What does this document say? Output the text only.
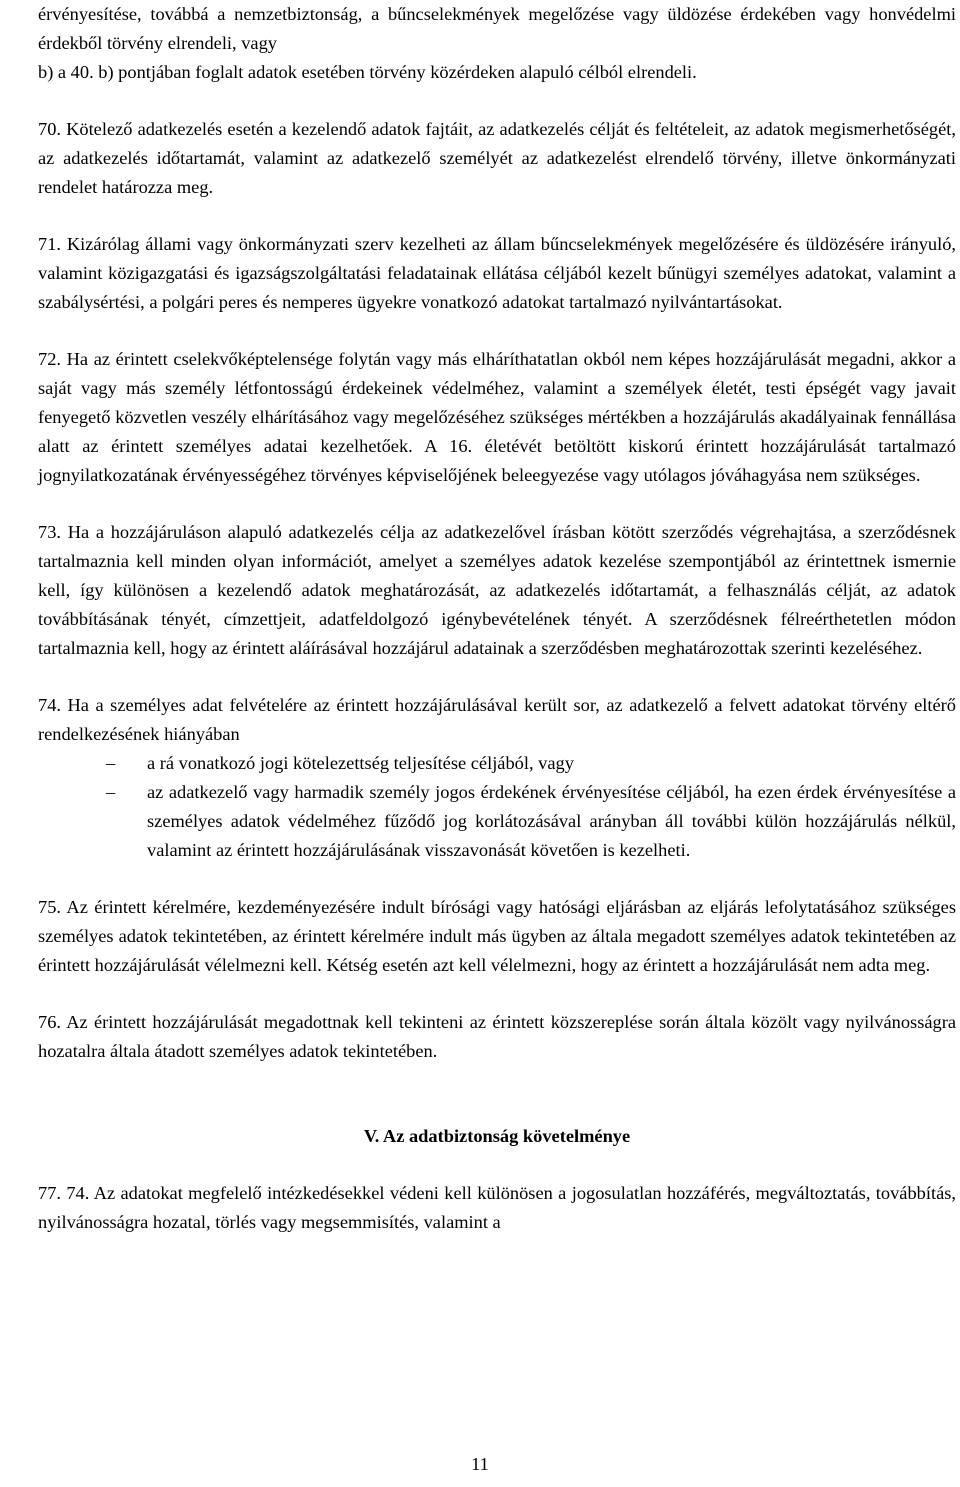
érvényesítése, továbbá a nemzetbiztonság, a bűncselekmények megelőzése vagy üldözése érdekében vagy honvédelmi érdekből törvény elrendeli, vagy

b) a 40. b) pontjában foglalt adatok esetében törvény közérdeken alapuló célból elrendeli.

70. Kötelező adatkezelés esetén a kezelendő adatok fajtáit, az adatkezelés célját és feltételeit, az adatok megismerhetőségét, az adatkezelés időtartamát, valamint az adatkezelő személyét az adatkezelést elrendelő törvény, illetve önkormányzati rendelet határozza meg.

71. Kizárólag állami vagy önkormányzati szerv kezelheti az állam bűncselekmények megelőzésére és üldözésére irányuló, valamint közigazgatási és igazságszolgáltatási feladatainak ellátása céljából kezelt bűnügyi személyes adatokat, valamint a szabálysértési, a polgári peres és nemperes ügyekre vonatkozó adatokat tartalmazó nyilvántartásokat.

72. Ha az érintett cselekvőképtelensége folytán vagy más elháríthatatlan okból nem képes hozzájárulását megadni, akkor a saját vagy más személy létfontosságú érdekeinek védelméhez, valamint a személyek életét, testi épségét vagy javait fenyegető közvetlen veszély elhárításához vagy megelőzéséhez szükséges mértékben a hozzájárulás akadályainak fennállása alatt az érintett személyes adatai kezelhetőek. A 16. életévét betöltött kiskorú érintett hozzájárulását tartalmazó jognyilatkozatának érvényességéhez törvényes képviselőjének beleegyezése vagy utólagos jóváhagyása nem szükséges.

73. Ha a hozzájáruláson alapuló adatkezelés célja az adatkezelővel írásban kötött szerződés végrehajtása, a szerződésnek tartalmaznia kell minden olyan információt, amelyet a személyes adatok kezelése szempontjából az érintettnek ismernie kell, így különösen a kezelendő adatok meghatározását, az adatkezelés időtartamát, a felhasználás célját, az adatok továbbításának tényét, címzettjeit, adatfeldolgozó igénybevételének tényét. A szerződésnek félreérthetetlen módon tartalmaznia kell, hogy az érintett aláírásával hozzájárul adatainak a szerződésben meghatározottak szerinti kezeléséhez.

74. Ha a személyes adat felvételére az érintett hozzájárulásával került sor, az adatkezelő a felvett adatokat törvény eltérő rendelkezésének hiányában

– a rá vonatkozó jogi kötelezettség teljesítése céljából, vagy
– az adatkezelő vagy harmadik személy jogos érdekének érvényesítése céljából, ha ezen érdek érvényesítése a személyes adatok védelméhez fűződő jog korlátozásával arányban áll további külön hozzájárulás nélkül, valamint az érintett hozzájárulásának visszavonását követően is kezelheti.

75. Az érintett kérelmére, kezdeményezésére indult bírósági vagy hatósági eljárásban az eljárás lefolytatásához szükséges személyes adatok tekintetében, az érintett kérelmére indult más ügyben az általa megadott személyes adatok tekintetében az érintett hozzájárulását vélelmezni kell. Kétség esetén azt kell vélelmezni, hogy az érintett a hozzájárulását nem adta meg.

76. Az érintett hozzájárulását megadottnak kell tekinteni az érintett közszereplése során általa közölt vagy nyilvánosságra hozatalra általa átadott személyes adatok tekintetében.

V. Az adatbiztonság követelménye

77. 74. Az adatokat megfelelő intézkedésekkel védeni kell különösen a jogosulatlan hozzáférés, megváltoztatás, továbbítás, nyilvánosságra hozatal, törlés vagy megsemmisítés, valamint a

11
